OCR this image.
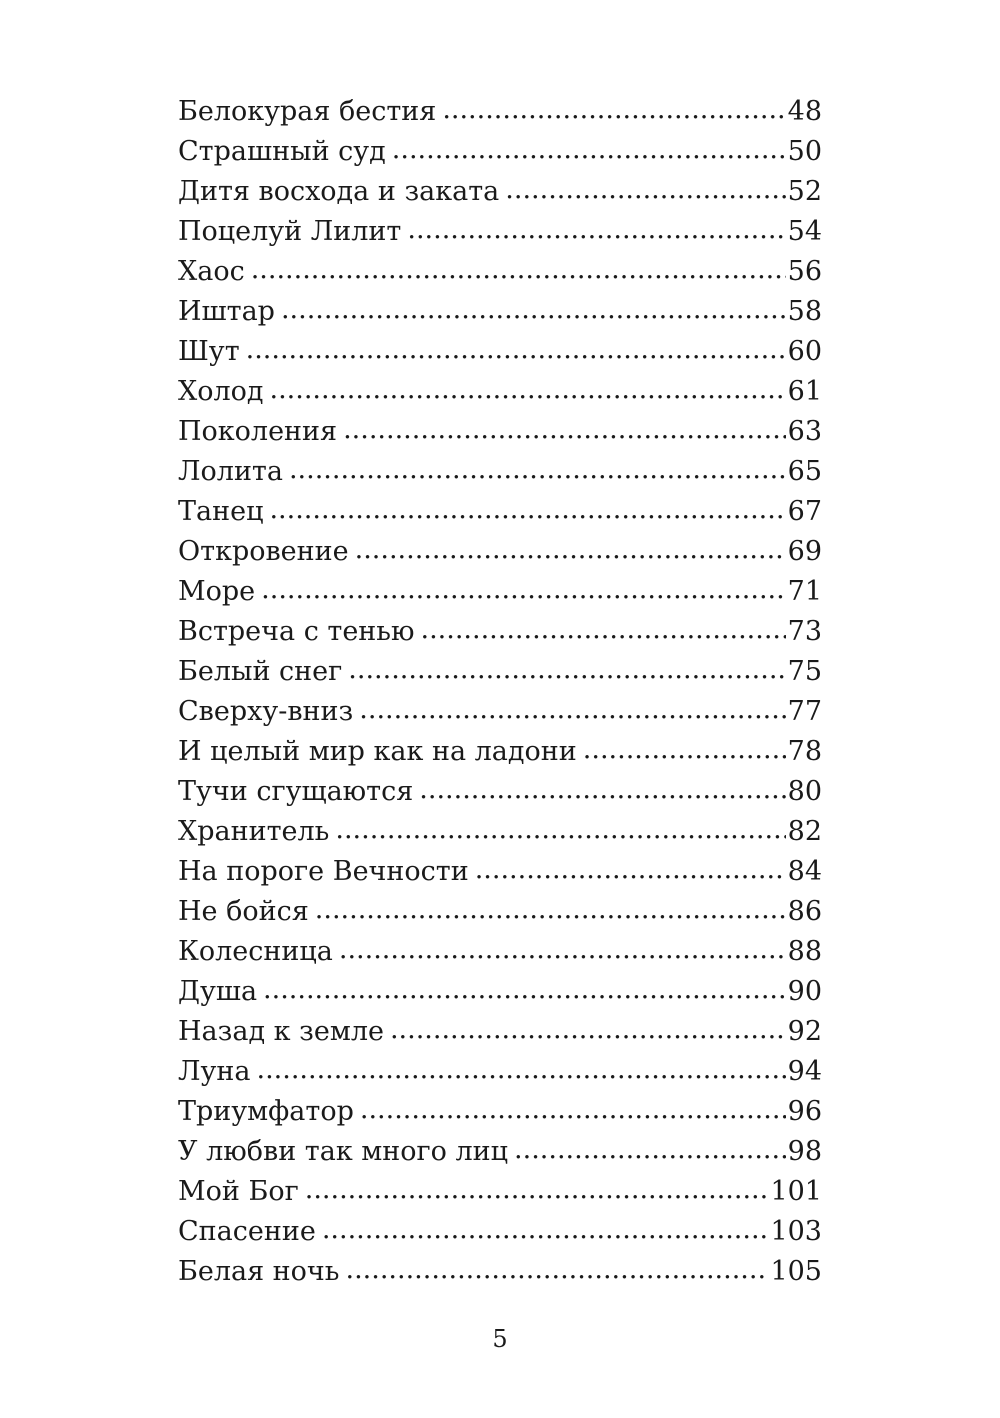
Белокурая бестия .....	48
Страшный суд .....	50
Дитя восхода и заката .....	52
Поцелуй Лилит .....	54
Хаос .....	56
Иштар .....	58
Шут .....	60
Холод .....	61
Поколения .....	63
Лолита .....	65
Танец .....	67
Откровение .....	69
Море .....	71
Встреча с тенью .....	73
Белый снег .....	75
Сверху-вниз .....	77
И целый мир как на ладони .....	78
Тучи сгущаются .....	80
Хранитель .....	82
На пороге Вечности .....	84
Не бойся .....	86
Колесница .....	88
Душа .....	90
Назад к земле .....	92
Луна .....	94
Триумфатор .....	96
У любви так много лиц .....	98
Мой Бог .....	101
Спасение .....	103
Белая ночь .....	105
5
